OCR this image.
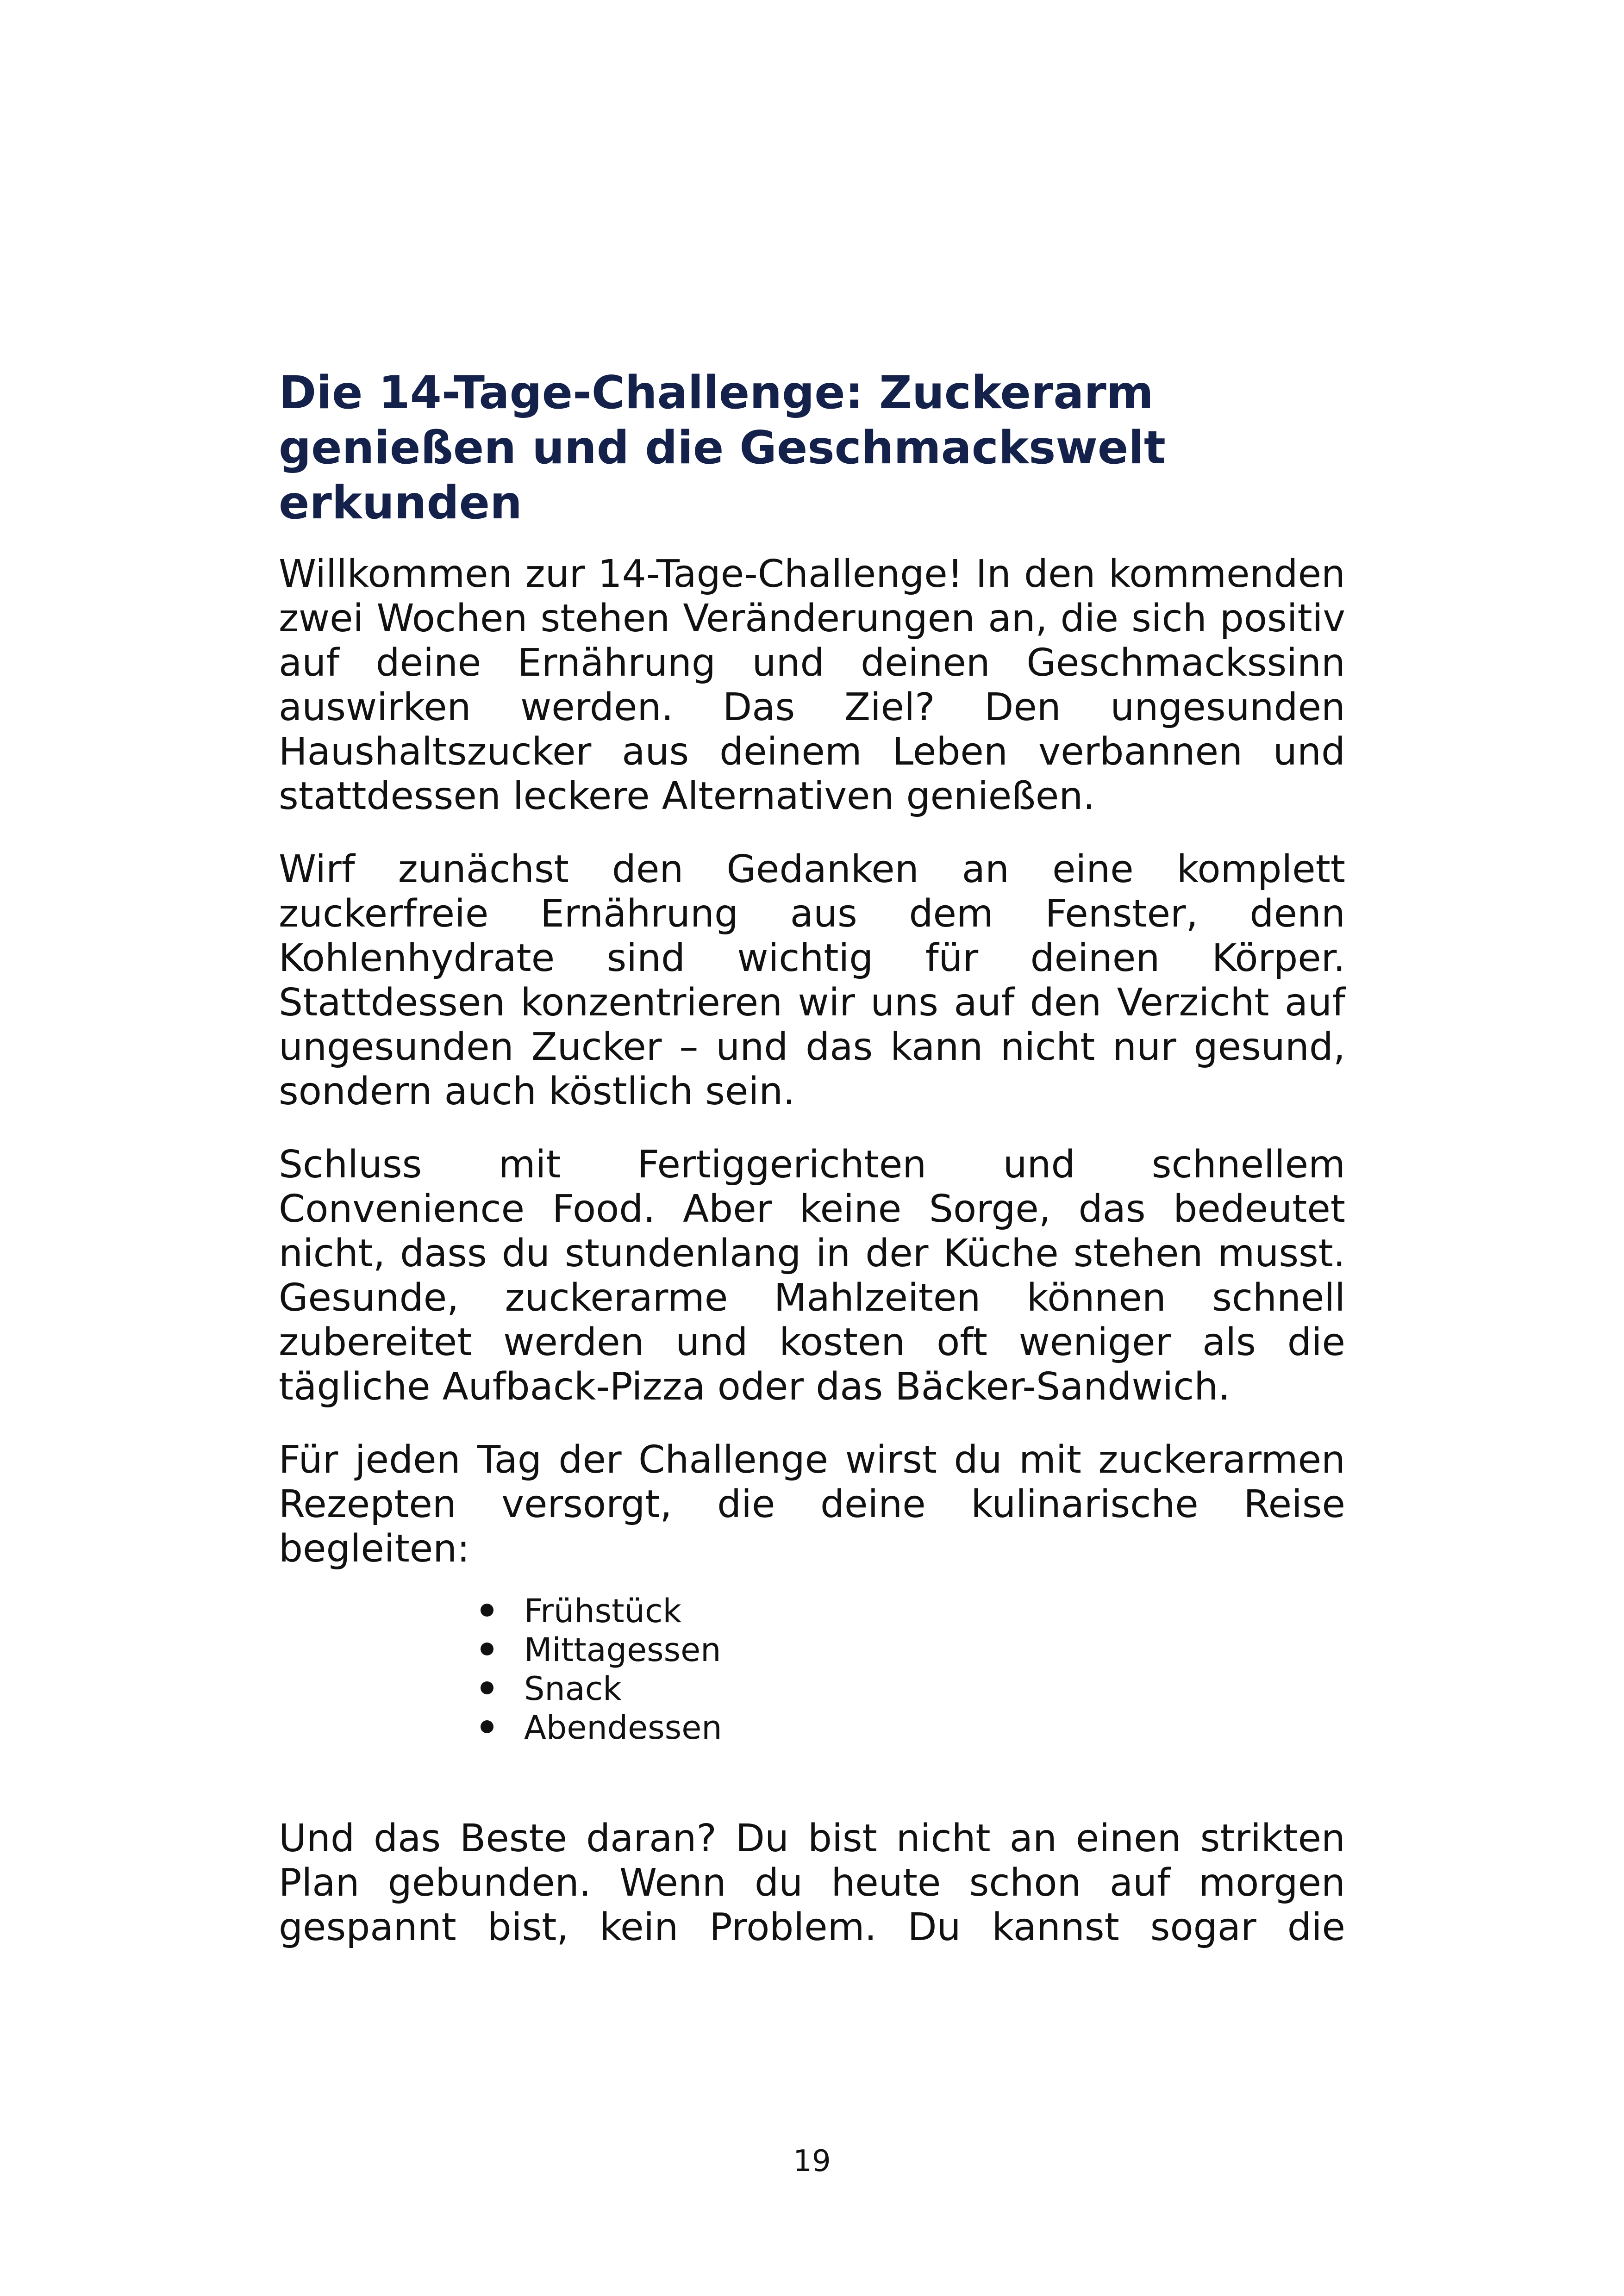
Die 14-Tage-Challenge: Zuckerarm genießen und die Geschmackswelt erkunden

Willkommen zur 14-Tage-Challenge! In den kommenden zwei Wochen stehen Veränderungen an, die sich positiv auf deine Ernährung und deinen Geschmackssinn auswirken werden. Das Ziel? Den ungesunden Haushaltszucker aus deinem Leben verbannen und stattdessen leckere Alternativen genießen.

Wirf zunächst den Gedanken an eine komplett zuckerfreie Ernährung aus dem Fenster, denn Kohlenhydrate sind wichtig für deinen Körper. Stattdessen konzentrieren wir uns auf den Verzicht auf ungesunden Zucker – und das kann nicht nur gesund, sondern auch köstlich sein.

Schluss mit Fertiggerichten und schnellem Convenience Food. Aber keine Sorge, das bedeutet nicht, dass du stundenlang in der Küche stehen musst. Gesunde, zuckerarme Mahlzeiten können schnell zubereitet werden und kosten oft weniger als die tägliche Aufback-Pizza oder das Bäcker-Sandwich.

Für jeden Tag der Challenge wirst du mit zuckerarmen Rezepten versorgt, die deine kulinarische Reise begleiten:

Frühstück
Mittagessen
Snack
Abendessen

Und das Beste daran? Du bist nicht an einen strikten Plan gebunden. Wenn du heute schon auf morgen gespannt bist, kein Problem. Du kannst sogar die

19
